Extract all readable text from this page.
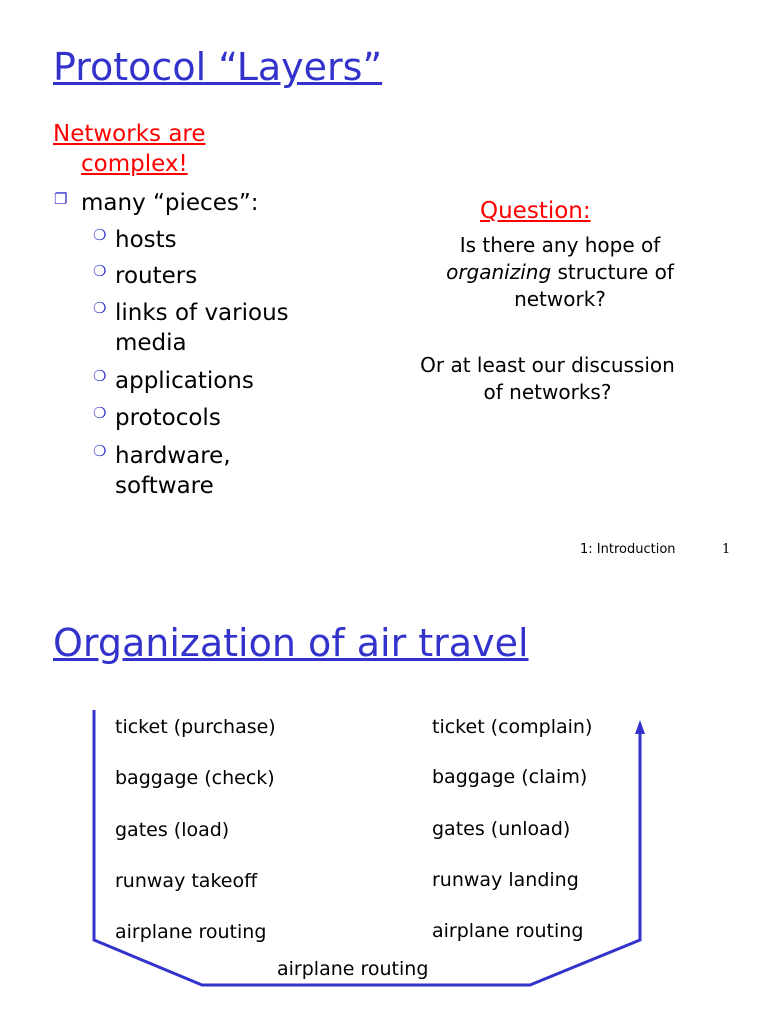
Protocol “Layers”
Networks are
complex!
❐ many “pieces”:
❍ hosts
❍ routers
❍ links of various
media
❍ applications
❍ protocols
❍ hardware,
software
Question:
Is there any hope of
organizing structure of
network?
Or at least our discussion
of networks?
1: Introduction	1
Organization of air travel
ticket (purchase)
baggage (check)
gates (load)
runway takeoff
airplane routing
ticket (complain)
baggage (claim)
gates (unload)
runway landing
airplane routing
airplane routing
